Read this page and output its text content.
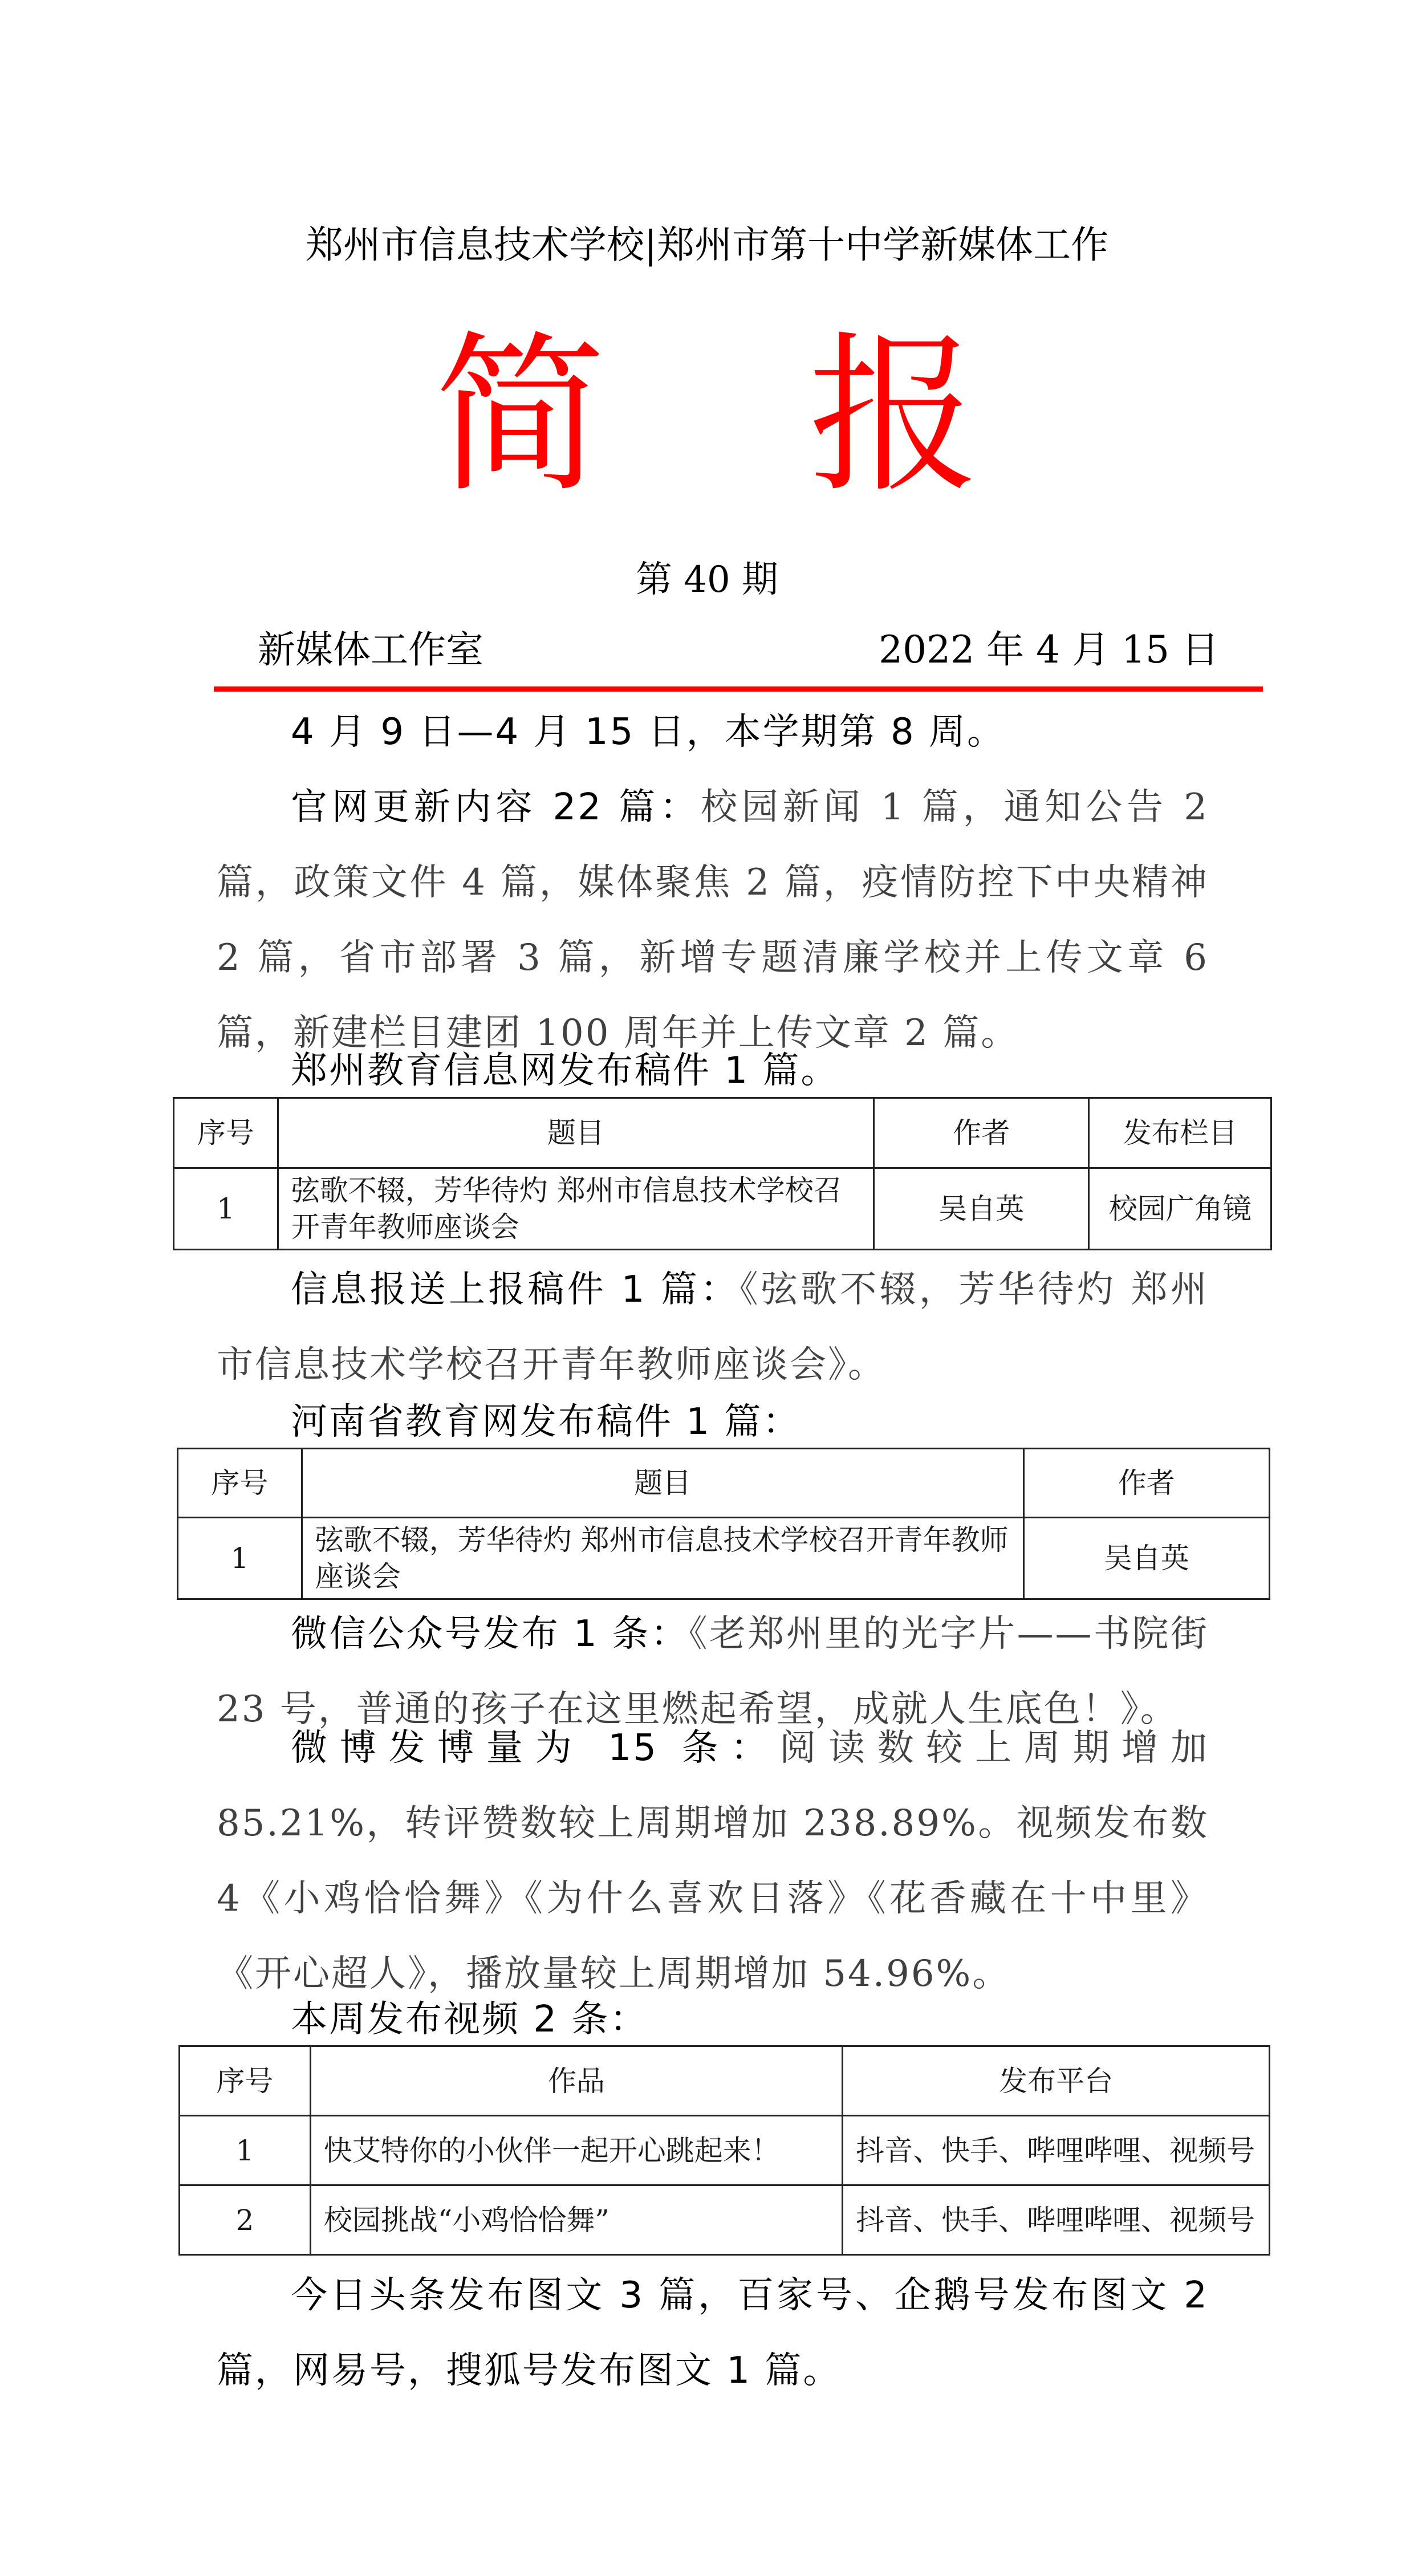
郑州市信息技术学校|郑州市第十中学新媒体工作
简 报
第 40 期
新媒体工作室	2022 年 4 月 15 日

4 月 9 日—4 月 15 日，本学期第 8 周。

官网更新内容 22 篇：校园新闻 1 篇，通知公告 2 篇，政策文件 4 篇，媒体聚焦 2 篇，疫情防控下中央精神 2 篇，省市部署 3 篇，新增专题清廉学校并上传文章 6 篇，新建栏目建团 100 周年并上传文章 2 篇。

郑州教育信息网发布稿件 1 篇。

序号	题目	作者	发布栏目
1	弦歌不辍，芳华待灼 郑州市信息技术学校召开青年教师座谈会	吴自英	校园广角镜

信息报送上报稿件 1 篇：《弦歌不辍，芳华待灼 郑州市信息技术学校召开青年教师座谈会》。

河南省教育网发布稿件 1 篇：

序号	题目	作者
1	弦歌不辍，芳华待灼 郑州市信息技术学校召开青年教师座谈会	吴自英

微信公众号发布 1 条：《老郑州里的光字片——书院街 23 号，普通的孩子在这里燃起希望，成就人生底色！》。

微博发博量为 15 条：阅读数较上周期增加 85.21%，转评赞数较上周期增加 238.89%。视频发布数 4《小鸡恰恰舞》《为什么喜欢日落》《花香藏在十中里》《开心超人》，播放量较上周期增加 54.96%。

本周发布视频 2 条：

序号	作品	发布平台
1	快艾特你的小伙伴一起开心跳起来！	抖音、快手、哔哩哔哩、视频号
2	校园挑战“小鸡恰恰舞”	抖音、快手、哔哩哔哩、视频号

今日头条发布图文 3 篇，百家号、企鹅号发布图文 2 篇，网易号，搜狐号发布图文 1 篇。
